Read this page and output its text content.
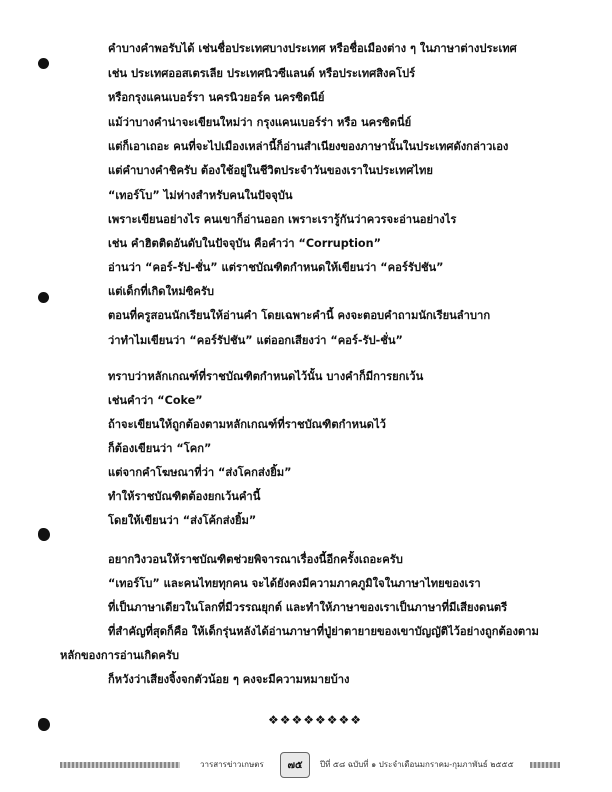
คำบางคำพอรับได้ เช่นชื่อประเทศบางประเทศ หรือชื่อเมืองต่าง ๆ ในภาษาต่างประเทศ
เช่น ประเทศออสเตรเลีย ประเทศนิวซีแลนด์ หรือประเทศสิงคโปร์
หรือกรุงแคนเบอร์รา นครนิวยอร์ค นครซิดนีย์
แม้ว่าบางคำน่าจะเขียนใหม่ว่า กรุงแคนเบอร์ร่า หรือ นครซิดนี่ย์
แต่ก็เอาเถอะ คนที่จะไปเมืองเหล่านี้ก็อ่านสำเนียงของภาษานั้นในประเทศดังกล่าวเอง
แต่คำบางคำชิครับ ต้องใช้อยู่ในชีวิตประจำวันของเราในประเทศไทย
“เทอร์โบ” ไม่ห่างสำหรับคนในปัจจุบัน
เพราะเขียนอย่างไร คนเขาก็อ่านออก เพราะเรารู้กันว่าควรจะอ่านอย่างไร
เช่น คำฮิตติดอันดับในปัจจุบัน คือคำว่า “Corruption”
อ่านว่า “คอร์-รัป-ชั่น” แต่ราชบัณฑิตกำหนดให้เขียนว่า “คอร์รัปชัน”
แต่เด็กที่เกิดใหม่ซิครับ
ตอนที่ครูสอนนักเรียนให้อ่านคำ โดยเฉพาะคำนี้ คงจะตอบคำถามนักเรียนลำบาก
ว่าทำไมเขียนว่า “คอร์รัปชัน” แต่ออกเสียงว่า “คอร์-รัป-ชั่น”
ทราบว่าหลักเกณฑ์ที่ราชบัณฑิตกำหนดไว้นั้น บางคำก็มีการยกเว้น
เช่นคำว่า “Coke”
ถ้าจะเขียนให้ถูกต้องตามหลักเกณฑ์ที่ราชบัณฑิตกำหนดไว้
ก็ต้องเขียนว่า “โคก”
แต่จากคำโฆษณาที่ว่า “ส่งโคกส่งยิ้ม”
ทำให้ราชบัณฑิตต้องยกเว้นคำนี้
โดยให้เขียนว่า “ส่งโค้กส่งยิ้ม”
อยากวิงวอนให้ราชบัณฑิตช่วยพิจารณาเรื่องนี้อีกครั้งเถอะครับ
“เทอร์โบ” และคนไทยทุกคน จะได้ยังคงมีความภาคภูมิใจในภาษาไทยของเรา
ที่เป็นภาษาเดียวในโลกที่มีวรรณยุกต์ และทำให้ภาษาของเราเป็นภาษาที่มีเสียงดนตรี
ที่สำคัญที่สุดก็คือ ให้เด็กรุ่นหลังได้อ่านภาษาที่ปู่ย่าตายายของเขาบัญญัติไว้อย่างถูกต้องตาม
หลักของการอ่านเกิดครับ
ก็หวังว่าเสียงจิ้งจกตัวน้อย ๆ คงจะมีความหมายบ้าง
❖❖❖❖❖❖❖❖
วารสารข่าวเกษตร	๗๕	ปีที่ ๕๘ ฉบับที่ ๑ ประจำเดือนมกราคม-กุมภาพันธ์ ๒๕๕๕
